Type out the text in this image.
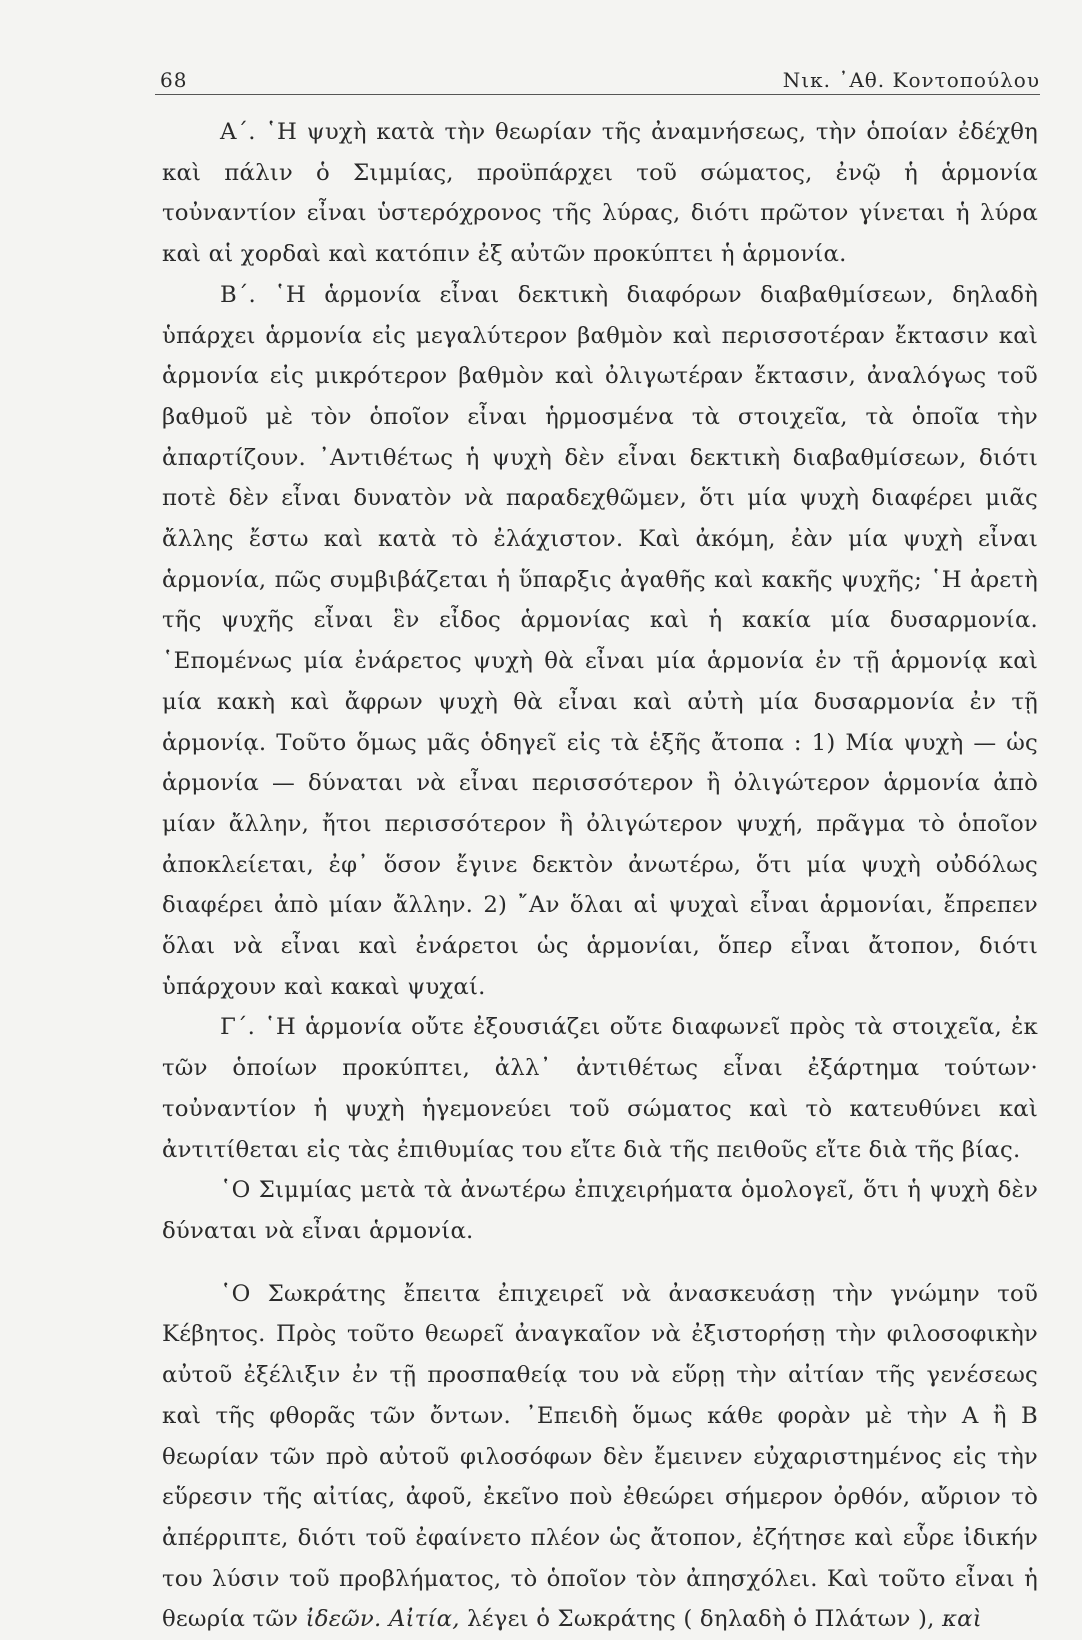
68	Νικ. ᾿Αθ. Κοντοπούλου

Α΄. ῾Η ψυχὴ κατὰ τὴν θεωρίαν τῆς ἀναμνήσεως, τὴν ὁποίαν ἐδέχθη καὶ πάλιν ὁ Σιμμίας, προϋπάρχει τοῦ σώματος, ἐνῷ ἡ ἁρμονία τοὐναντίον εἶναι ὑστερόχρονος τῆς λύρας, διότι πρῶτον γίνεται ἡ λύρα καὶ αἱ χορδαὶ καὶ κατόπιν ἐξ αὐτῶν προκύπτει ἡ ἁρμονία.

Β΄. ῾Η ἁρμονία εἶναι δεκτικὴ διαφόρων διαβαθμίσεων, δηλαδὴ ὑπάρχει ἁρμονία εἰς μεγαλύτερον βαθμὸν καὶ περισσοτέραν ἔκτασιν καὶ ἁρμονία εἰς μικρότερον βαθμὸν καὶ ὀλιγωτέραν ἔκτασιν, ἀναλόγως τοῦ βαθμοῦ μὲ τὸν ὁποῖον εἶναι ἡρμοσμένα τὰ στοιχεῖα, τὰ ὁποῖα τὴν ἀπαρτίζουν. ᾿Αντιθέτως ἡ ψυχὴ δὲν εἶναι δεκτικὴ διαβαθμίσεων, διότι ποτὲ δὲν εἶναι δυνατὸν νὰ παραδεχθῶμεν, ὅτι μία ψυχὴ διαφέρει μιᾶς ἄλλης ἔστω καὶ κατὰ τὸ ἐλάχιστον. Καὶ ἀκόμη, ἐὰν μία ψυχὴ εἶναι ἁρμονία, πῶς συμβιβάζεται ἡ ὕπαρξις ἀγαθῆς καὶ κακῆς ψυχῆς; ῾Η ἀρετὴ τῆς ψυχῆς εἶναι ἓν εἶδος ἁρμονίας καὶ ἡ κακία μία δυσαρμονία. ῾Επομένως μία ἐνάρετος ψυχὴ θὰ εἶναι μία ἁρμονία ἐν τῇ ἁρμονίᾳ καὶ μία κακὴ καὶ ἄφρων ψυχὴ θὰ εἶναι καὶ αὐτὴ μία δυσαρμονία ἐν τῇ ἁρμονίᾳ. Τοῦτο ὅμως μᾶς ὁδηγεῖ εἰς τὰ ἑξῆς ἄτοπα : 1) Μία ψυχὴ — ὡς ἁρμονία — δύναται νὰ εἶναι περισσότερον ἢ ὀλιγώτερον ἁρμονία ἀπὸ μίαν ἄλλην, ἤτοι περισσότερον ἢ ὀλιγώτερον ψυχή, πρᾶγμα τὸ ὁποῖον ἀποκλείεται, ἐφ᾽ ὅσον ἔγινε δεκτὸν ἀνωτέρω, ὅτι μία ψυχὴ οὐδόλως διαφέρει ἀπὸ μίαν ἄλλην. 2) ῎Αν ὅλαι αἱ ψυχαὶ εἶναι ἁρμονίαι, ἔπρεπεν ὅλαι νὰ εἶναι καὶ ἐνάρετοι ὡς ἁρμονίαι, ὅπερ εἶναι ἄτοπον, διότι ὑπάρχουν καὶ κακαὶ ψυχαί.

Γ΄. ῾Η ἁρμονία οὔτε ἐξουσιάζει οὔτε διαφωνεῖ πρὸς τὰ στοιχεῖα, ἐκ τῶν ὁποίων προκύπτει, ἀλλ᾽ ἀντιθέτως εἶναι ἐξάρτημα τούτων· τοὐναντίον ἡ ψυχὴ ἡγεμονεύει τοῦ σώματος καὶ τὸ κατευθύνει καὶ ἀντιτίθεται εἰς τὰς ἐπιθυμίας του εἴτε διὰ τῆς πειθοῦς εἴτε διὰ τῆς βίας.

῾Ο Σιμμίας μετὰ τὰ ἀνωτέρω ἐπιχειρήματα ὁμολογεῖ, ὅτι ἡ ψυχὴ δὲν δύναται νὰ εἶναι ἁρμονία.

῾Ο Σωκράτης ἔπειτα ἐπιχειρεῖ νὰ ἀνασκευάσῃ τὴν γνώμην τοῦ Κέβητος. Πρὸς τοῦτο θεωρεῖ ἀναγκαῖον νὰ ἐξιστορήσῃ τὴν φιλοσοφικὴν αὐτοῦ ἐξέλιξιν ἐν τῇ προσπαθείᾳ του νὰ εὕρῃ τὴν αἰτίαν τῆς γενέσεως καὶ τῆς φθορᾶς τῶν ὄντων. ᾿Επειδὴ ὅμως κάθε φορὰν μὲ τὴν Α ἢ Β θεωρίαν τῶν πρὸ αὐτοῦ φιλοσόφων δὲν ἔμεινεν εὐχαριστημένος εἰς τὴν εὕρεσιν τῆς αἰτίας, ἀφοῦ, ἐκεῖνο ποὺ ἐθεώρει σήμερον ὀρθόν, αὔριον τὸ ἀπέρριπτε, διότι τοῦ ἐφαίνετο πλέον ὡς ἄτοπον, ἐζήτησε καὶ εὗρε ἰδικήν του λύσιν τοῦ προβλήματος, τὸ ὁποῖον τὸν ἀπησχόλει. Καὶ τοῦτο εἶναι ἡ θεωρία τῶν ἰδεῶν. Αἰτία, λέγει ὁ Σωκράτης ( δηλαδὴ ὁ Πλάτων ), καὶ
